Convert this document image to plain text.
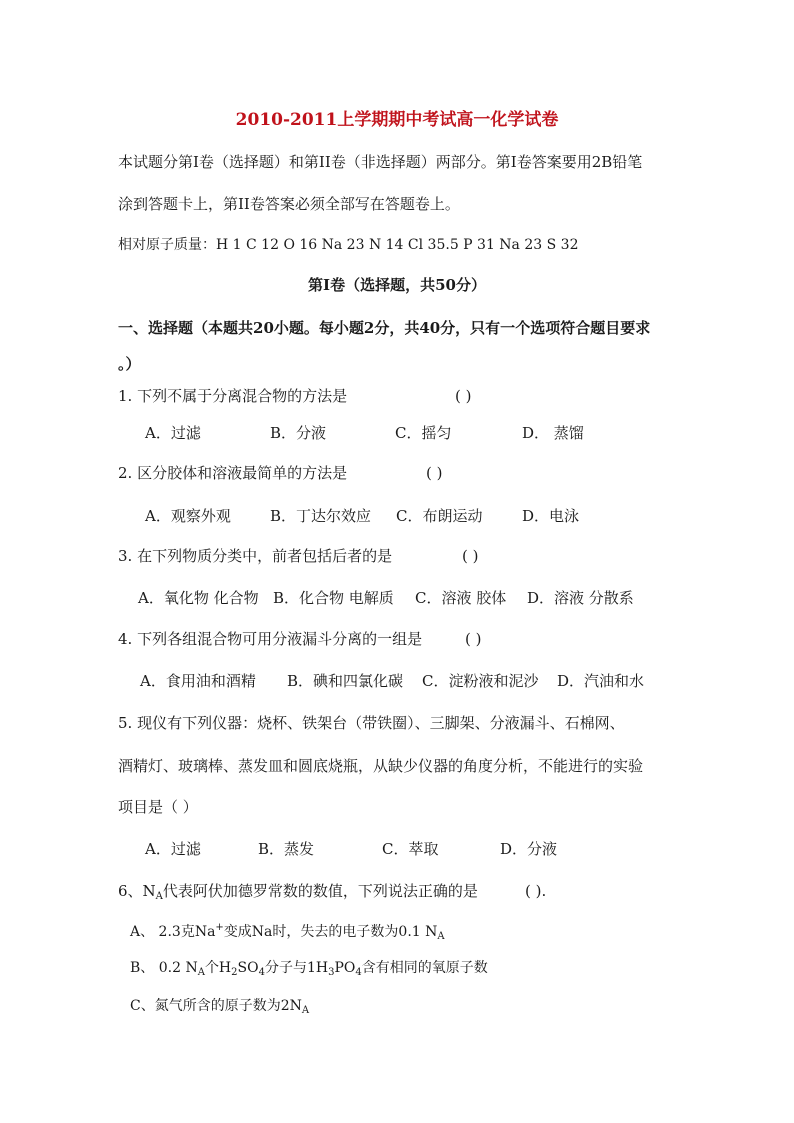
2010-2011上学期期中考试高一化学试卷
本试题分第I卷（选择题）和第II卷（非选择题）两部分。第I卷答案要用2B铅笔
涂到答题卡上，第II卷答案必须全部写在答题卷上。
相对原子质量：H 1 C 12 O 16 Na 23 N 14 Cl 35.5 P 31 Na 23 S 32
第I卷（选择题，共50分）
一、选择题（本题共20小题。每小题2分，共40分，只有一个选项符合题目要求
。）
1. 下列不属于分离混合物的方法是	( )
A．过滤	B．分液	C．摇匀	D． 蒸馏
2. 区分胶体和溶液最简单的方法是	( )
A．观察外观	B．丁达尔效应 C．布朗运动	D．电泳
3. 在下列物质分类中，前者包括后者的是	( )
A．氧化物 化合物 B．化合物 电解质 C．溶液 胶体 D．溶液 分散系
4. 下列各组混合物可用分液漏斗分离的一组是	( )
A．食用油和酒精 B．碘和四氯化碳 C．淀粉液和泥沙 D．汽油和水
5. 现仪有下列仪器：烧杯、铁架台（带铁圈）、三脚架、分液漏斗、石棉网、
酒精灯、玻璃棒、蒸发皿和圆底烧瓶，从缺少仪器的角度分析，不能进行的实验
项目是（ ）
A．过滤	B．蒸发	C．萃取	D．分液
6、$N_A$代表阿伏加德罗常数的数值，下列说法正确的是	( ).
A、 2.3克Na+变成Na时，失去的电子数为0.1 $N_A$
B、 0.2 $N_A$个$H_2SO_4$分子与$1H_3PO_4$含有相同的氧原子数
C、氮气所含的原子数为$2N_A$
